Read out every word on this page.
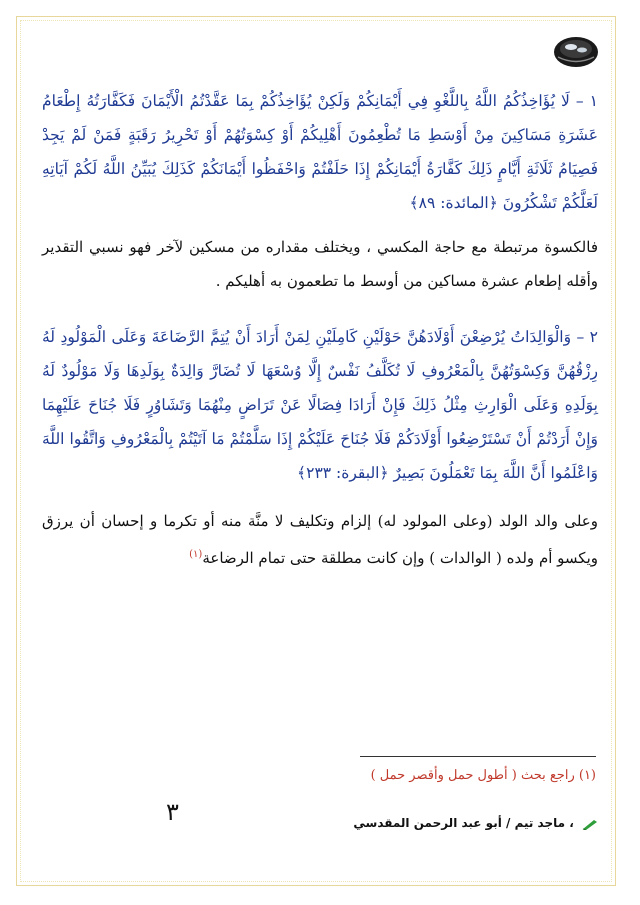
١ – لَا يُؤَاخِذُكُمُ اللَّهُ بِاللَّغْوِ فِي أَيْمَانِكُمْ وَلَكِنْ يُؤَاخِذُكُمْ بِمَا عَقَّدْتُمُ الْأَيْمَانَ فَكَفَّارَتُهُ إِطْعَامُ عَشَرَةِ مَسَاكِينَ مِنْ أَوْسَطِ مَا تُطْعِمُونَ أَهْلِيكُمْ أَوْ كِسْوَتُهُمْ أَوْ تَحْرِيرُ رَقَبَةٍ فَمَنْ لَمْ يَجِدْ فَصِيَامُ ثَلَاثَةِ أَيَّامٍ ذَلِكَ كَفَّارَةُ أَيْمَانِكُمْ إِذَا حَلَفْتُمْ وَاحْفَظُوا أَيْمَانَكُمْ كَذَلِكَ يُبَيِّنُ اللَّهُ لَكُمْ آيَاتِهِ لَعَلَّكُمْ تَشْكُرُونَ ﴿المائدة: ٨٩﴾

فالكسوة مرتبطة مع حاجة المكسي ، ويختلف مقداره من مسكين لآخر فهو نسبي التقدير وأقله إطعام عشرة مساكين من أوسط ما تطعمون به أهليكم .

٢ – وَالْوَالِدَاتُ يُرْضِعْنَ أَوْلَادَهُنَّ حَوْلَيْنِ كَامِلَيْنِ لِمَنْ أَرَادَ أَنْ يُتِمَّ الرَّضَاعَةَ وَعَلَى الْمَوْلُودِ لَهُ رِزْقُهُنَّ وَكِسْوَتُهُنَّ بِالْمَعْرُوفِ لَا تُكَلَّفُ نَفْسٌ إِلَّا وُسْعَهَا لَا تُضَارَّ وَالِدَةٌ بِوَلَدِهَا وَلَا مَوْلُودٌ لَهُ بِوَلَدِهِ وَعَلَى الْوَارِثِ مِثْلُ ذَلِكَ فَإِنْ أَرَادَا فِصَالًا عَنْ تَرَاضٍ مِنْهُمَا وَتَشَاوُرٍ فَلَا جُنَاحَ عَلَيْهِمَا وَإِنْ أَرَدْتُمْ أَنْ تَسْتَرْضِعُوا أَوْلَادَكُمْ فَلَا جُنَاحَ عَلَيْكُمْ إِذَا سَلَّمْتُمْ مَا آتَيْتُمْ بِالْمَعْرُوفِ وَاتَّقُوا اللَّهَ وَاعْلَمُوا أَنَّ اللَّهَ بِمَا تَعْمَلُونَ بَصِيرٌ ﴿البقرة: ٢٣٣﴾

وعلى والد الولد (وعلى المولود له) إلزام وتكليف لا منَّة منه أو تكرما و إحسان أن يرزق ويكسو أم ولده ( الوالدات ) وإن كانت مطلقة حتى تمام الرضاعة$^{(١)}$

(١) راجع بحث ( أطول حمل وأقصر حمل )
٣	، ماجد تيم / أبو عبد الرحمن المقدسي
